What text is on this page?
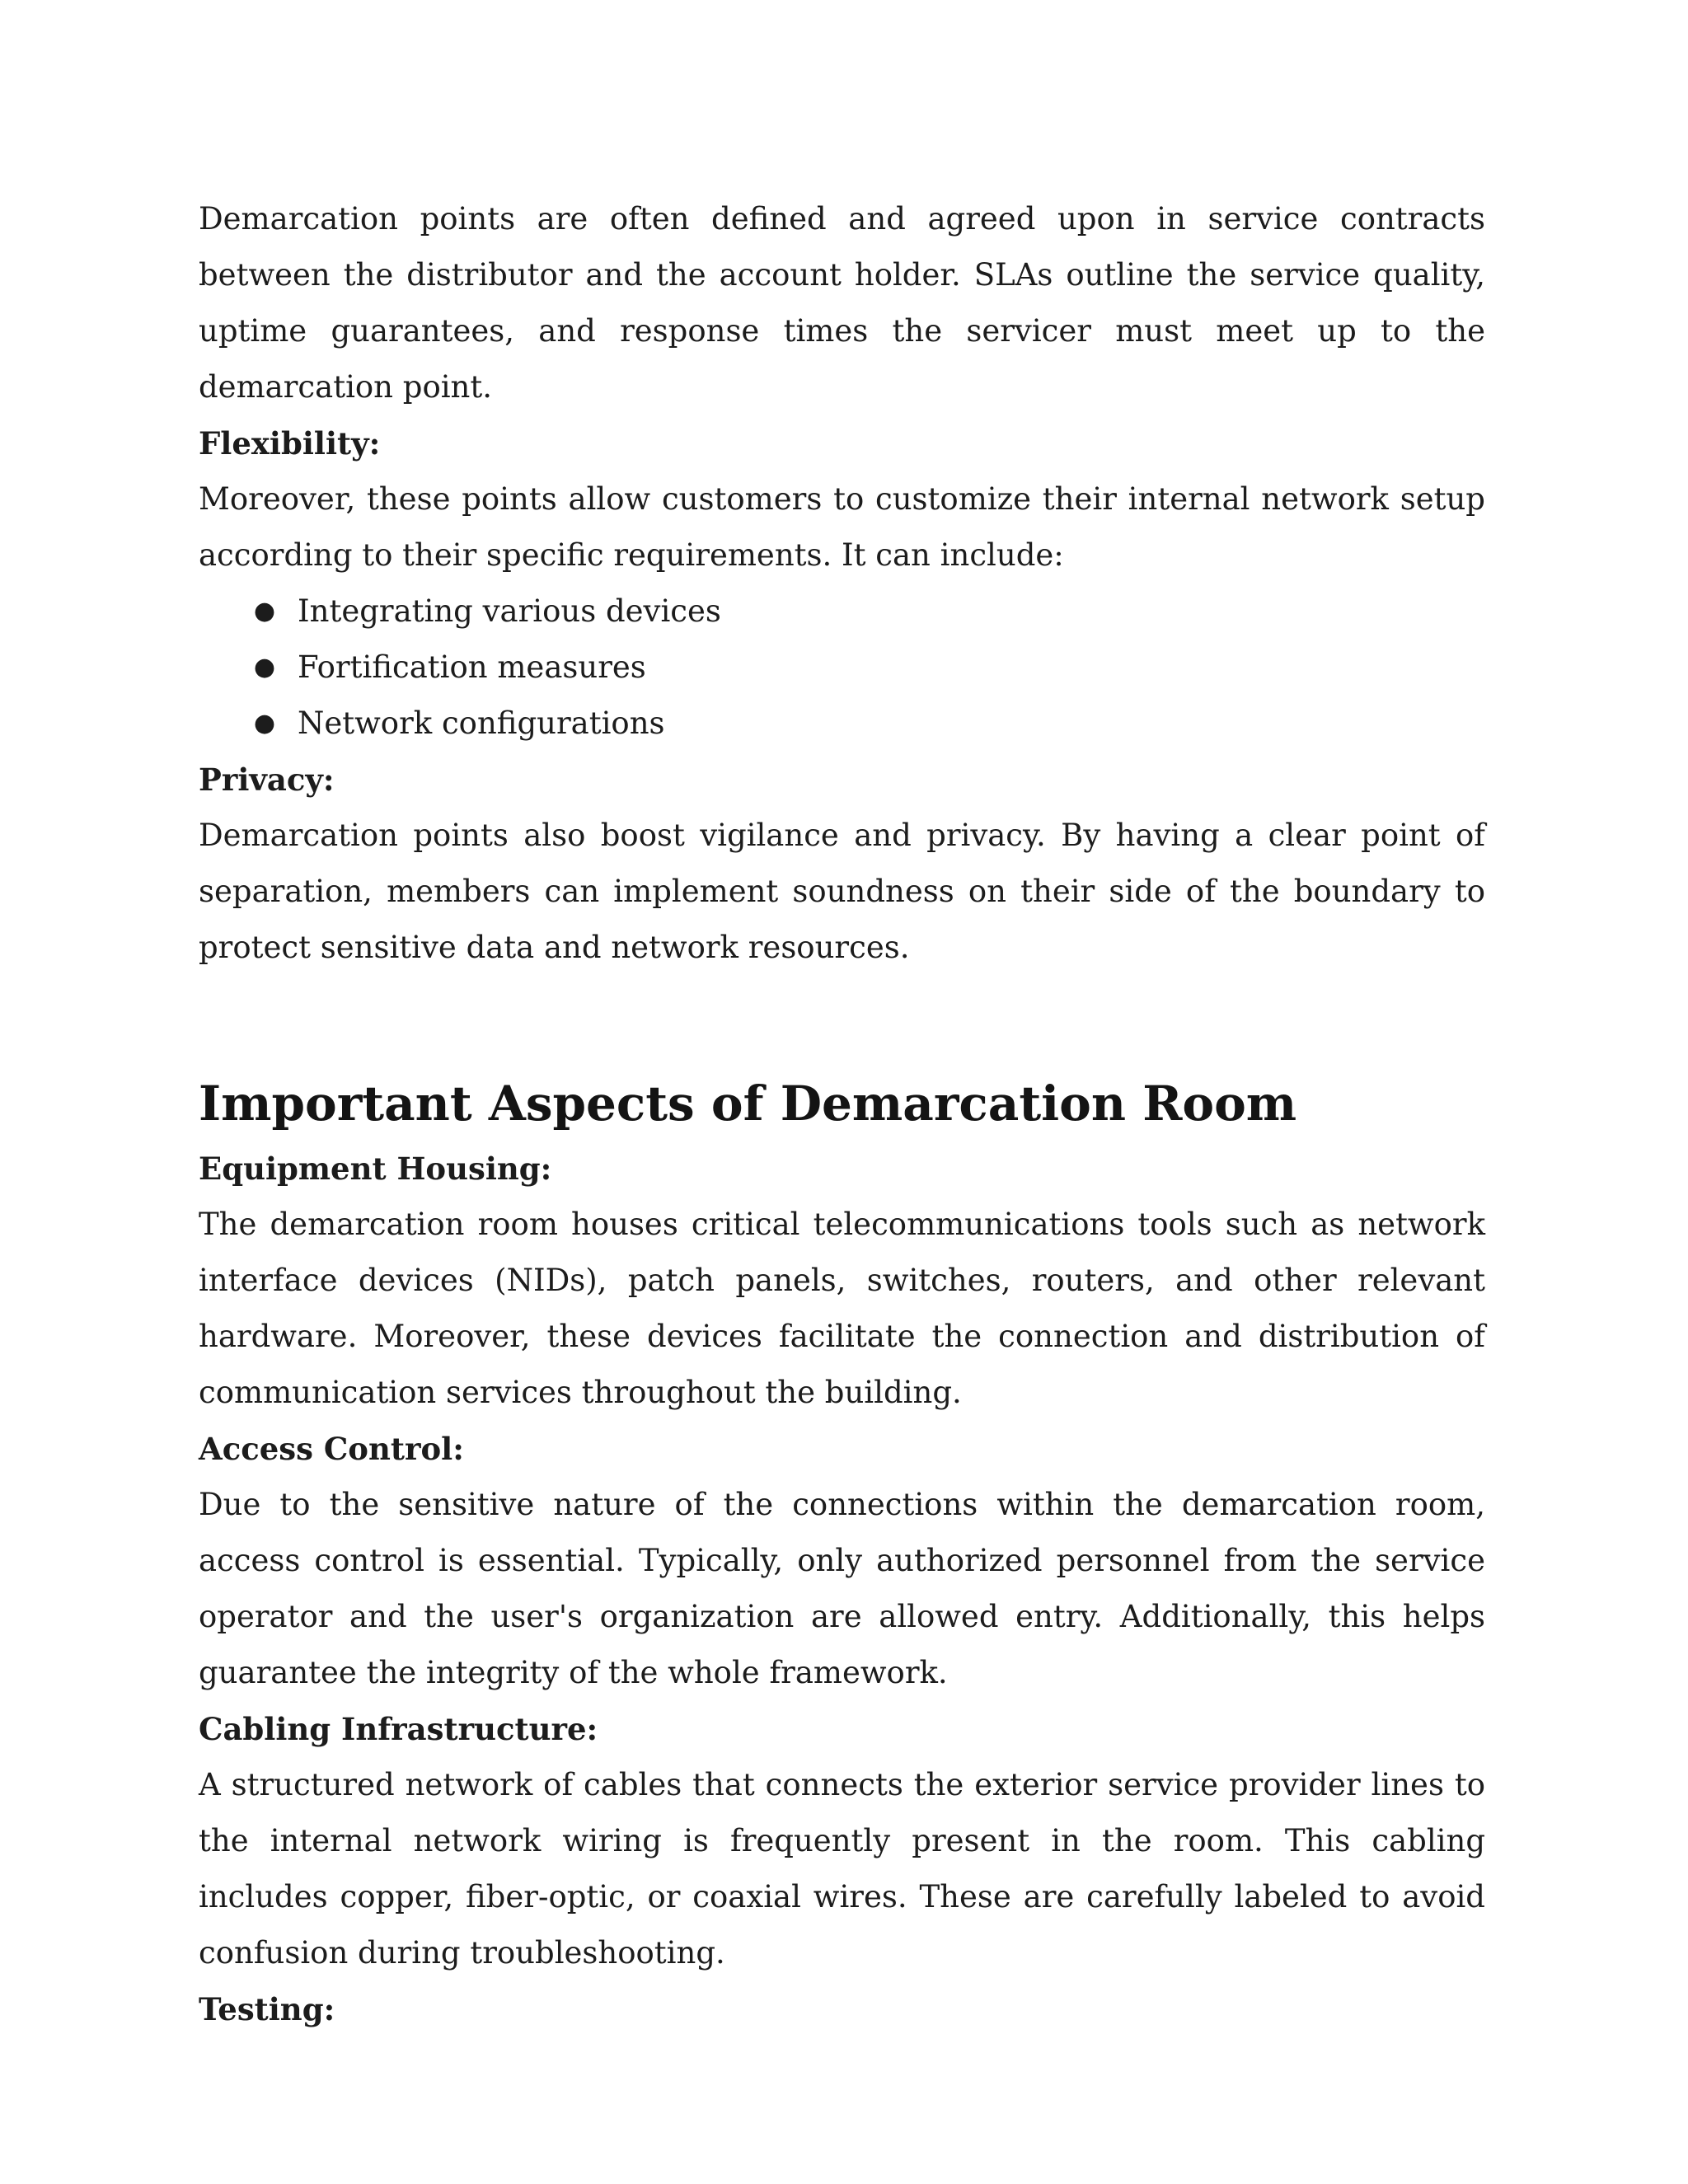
Demarcation points are often defined and agreed upon in service contracts between the distributor and the account holder. SLAs outline the service quality, uptime guarantees, and response times the servicer must meet up to the demarcation point.

Flexibility:

Moreover, these points allow customers to customize their internal network setup according to their specific requirements. It can include:

● Integrating various devices
● Fortification measures
● Network configurations
Privacy:

Demarcation points also boost vigilance and privacy. By having a clear point of separation, members can implement soundness on their side of the boundary to protect sensitive data and network resources.

Important Aspects of Demarcation Room
Equipment Housing:

The demarcation room houses critical telecommunications tools such as network interface devices (NIDs), patch panels, switches, routers, and other relevant hardware. Moreover, these devices facilitate the connection and distribution of communication services throughout the building.

Access Control:

Due to the sensitive nature of the connections within the demarcation room, access control is essential. Typically, only authorized personnel from the service operator and the user's organization are allowed entry. Additionally, this helps guarantee the integrity of the whole framework.

Cabling Infrastructure:

A structured network of cables that connects the exterior service provider lines to the internal network wiring is frequently present in the room. This cabling includes copper, fiber-optic, or coaxial wires. These are carefully labeled to avoid confusion during troubleshooting.

Testing:
